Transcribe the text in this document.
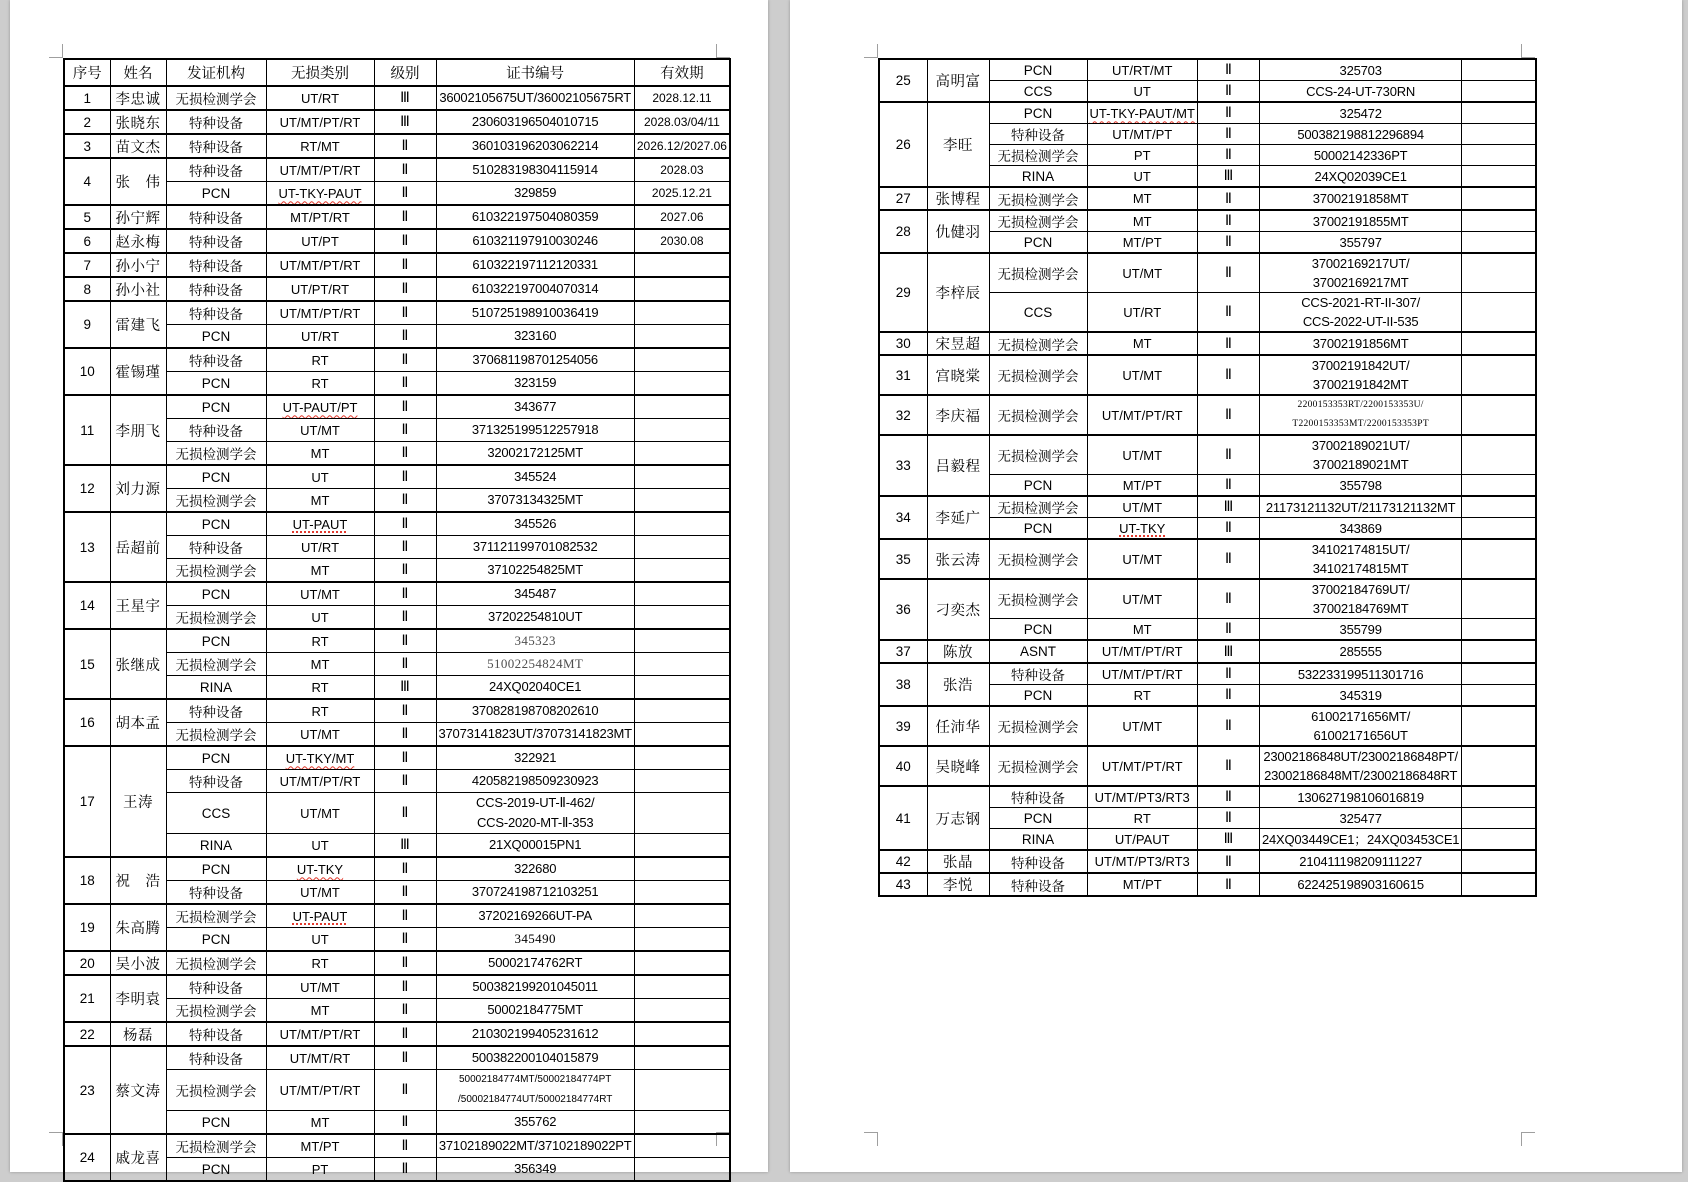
序号	姓名	发证机构	无损类别	级别	证书编号	有效期
1	李忠诚	无损检测学会	UT/RT	Ⅲ	36002105675UT/36002105675RT	2028.12.11
2	张晓东	特种设备	UT/MT/PT/RT	Ⅲ	230603196504010715	2028.03/04/11
3	苗文杰	特种设备	RT/MT	Ⅱ	360103196203062214	2026.12/2027.06
4	张　伟	特种设备	UT/MT/PT/RT	Ⅱ	510283198304115914	2028.03
		PCN	UT-TKY-PAUT	Ⅱ	329859	2025.12.21
5	孙宁辉	特种设备	MT/PT/RT	Ⅱ	610322197504080359	2027.06
6	赵永梅	特种设备	UT/PT	Ⅱ	610321197910030246	2030.08
7	孙小宁	特种设备	UT/MT/PT/RT	Ⅱ	610322197112120331	

8	孙小社	特种设备	UT/PT/RT	Ⅱ	610322197004070314	

9	雷建飞	特种设备	UT/MT/PT/RT	Ⅱ	510725198910036419	

		PCN	UT/RT	Ⅱ	323160	

10	霍锡瑾	特种设备	RT	Ⅱ	370681198701254056	

		PCN	RT	Ⅱ	323159	

11	李朋飞	PCN	UT-PAUT/PT	Ⅱ	343677	

		特种设备	UT/MT	Ⅱ	371325199512257918	

		无损检测学会	MT	Ⅱ	32002172125MT	

12	刘力源	PCN	UT	Ⅱ	345524	

		无损检测学会	MT	Ⅱ	37073134325MT	

13	岳超前	PCN	UT-PAUT	Ⅱ	345526	

		特种设备	UT/RT	Ⅱ	371121199701082532	

		无损检测学会	MT	Ⅱ	37102254825MT	

14	王星宇	PCN	UT/MT	Ⅱ	345487	

		无损检测学会	UT	Ⅱ	37202254810UT	

15	张继成	PCN	RT	Ⅱ	345323	

		无损检测学会	MT	Ⅱ	51002254824MT	

		RINA	RT	Ⅲ	24XQ02040CE1	

16	胡本孟	特种设备	RT	Ⅱ	370828198708202610	

		无损检测学会	UT/MT	Ⅱ	37073141823UT/37073141823MT	

17	王涛	PCN	UT-TKY/MT	Ⅱ	322921	

		特种设备	UT/MT/PT/RT	Ⅱ	420582198509230923	

		CCS	UT/MT	Ⅱ	CCS-2019-UT-Ⅱ-462/
CCS-2020-MT-Ⅱ-353	

		RINA	UT	Ⅲ	21XQ00015PN1	

18	祝　浩	PCN	UT-TKY	Ⅱ	322680	

		特种设备	UT/MT	Ⅱ	370724198712103251	

19	朱高腾	无损检测学会	UT-PAUT	Ⅱ	37202169266UT-PA	

		PCN	UT	Ⅱ	345490	

20	吴小波	无损检测学会	RT	Ⅱ	50002174762RT	

21	李明袁	特种设备	UT/MT	Ⅱ	500382199201045011	

		无损检测学会	MT	Ⅱ	50002184775MT	

22	杨磊	特种设备	UT/MT/PT/RT	Ⅱ	210302199405231612	

23	蔡文涛	特种设备	UT/MT/RT	Ⅱ	500382200104015879	

		无损检测学会	UT/MT/PT/RT	Ⅱ	50002184774MT/50002184774PT
/50002184774UT/50002184774RT	

		PCN	MT	Ⅱ	355762	

24	戚龙喜	无损检测学会	MT/PT	Ⅱ	37102189022MT/37102189022PT	

		PCN	PT	Ⅱ	356349	

25	高明富	PCN	UT/RT/MT	Ⅱ	325703	

		CCS	UT	Ⅱ	CCS-24-UT-730RN	

26	李旺	PCN	UT-TKY-PAUT/MT	Ⅱ	325472	

		特种设备	UT/MT/PT	Ⅱ	500382198812296894	

		无损检测学会	PT	Ⅱ	50002142336PT	

		RINA	UT	Ⅲ	24XQ02039CE1	

27	张博程	无损检测学会	MT	Ⅱ	37002191858MT	

28	仇健羽	无损检测学会	MT	Ⅱ	37002191855MT	

		PCN	MT/PT	Ⅱ	355797	

29	李梓辰	无损检测学会	UT/MT	Ⅱ	37002169217UT/
37002169217MT	

		CCS	UT/RT	Ⅱ	CCS-2021-RT-II-307/
CCS-2022-UT-II-535	

30	宋昱超	无损检测学会	MT	Ⅱ	37002191856MT	

31	宫晓棠	无损检测学会	UT/MT	Ⅱ	37002191842UT/
37002191842MT	

32	李庆福	无损检测学会	UT/MT/PT/RT	Ⅱ	2200153353RT/2200153353U/
T2200153353MT/2200153353PT	

33	吕毅程	无损检测学会	UT/MT	Ⅱ	37002189021UT/
37002189021MT	

		PCN	MT/PT	Ⅱ	355798	

34	李延广	无损检测学会	UT/MT	Ⅲ	21173121132UT/21173121132MT	

		PCN	UT-TKY	Ⅱ	343869	

35	张云涛	无损检测学会	UT/MT	Ⅱ	34102174815UT/
34102174815MT	

36	刁奕杰	无损检测学会	UT/MT	Ⅱ	37002184769UT/
37002184769MT	

		PCN	MT	Ⅱ	355799	

37	陈放	ASNT	UT/MT/PT/RT	Ⅲ	285555	

38	张浩	特种设备	UT/MT/PT/RT	Ⅱ	532233199511301716	

		PCN	RT	Ⅱ	345319	

39	任沛华	无损检测学会	UT/MT	Ⅱ	61002171656MT/
61002171656UT	

40	吴晓峰	无损检测学会	UT/MT/PT/RT	Ⅱ	23002186848UT/23002186848PT/
23002186848MT/23002186848RT	

41	万志钢	特种设备	UT/MT/PT3/RT3	Ⅱ	130627198106016819	

		PCN	RT	Ⅱ	325477	

		RINA	UT/PAUT	Ⅲ	24XQ03449CE1；24XQ03453CE1	

42	张晶	特种设备	UT/MT/PT3/RT3	Ⅱ	210411198209111227	

43	李悦	特种设备	MT/PT	Ⅱ	622425198903160615	
